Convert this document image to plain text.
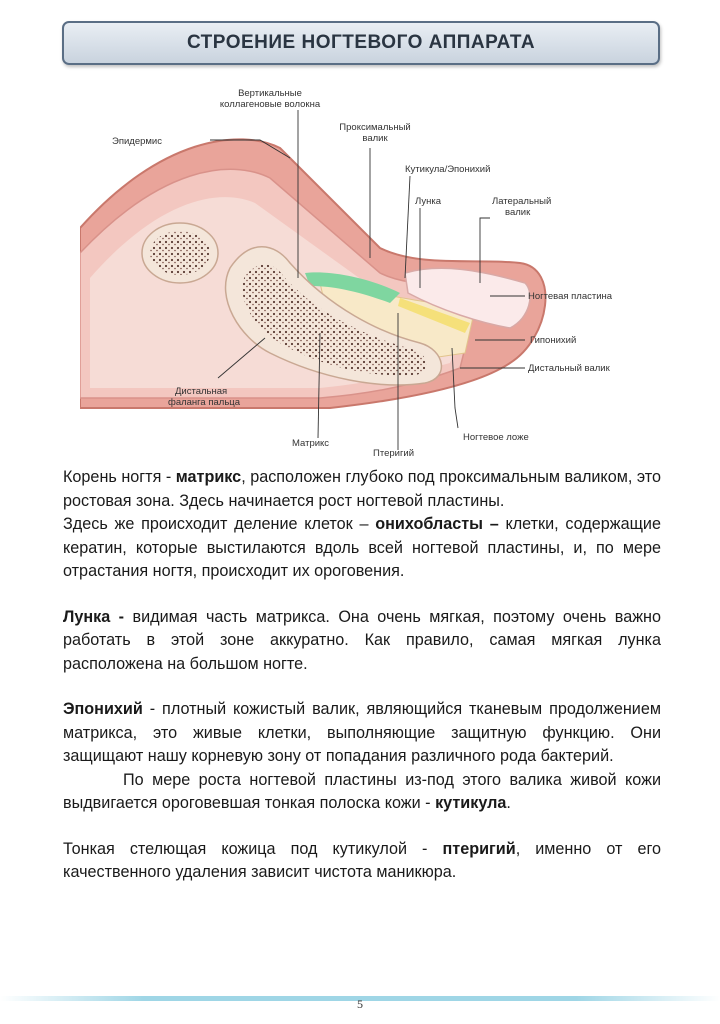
СТРОЕНИЕ НОГТЕВОГО АППАРАТА
Вертикальные
коллагеновые волокна
Эпидермис
Проксимальный
валик
Кутикула/Эпонихий
Лунка	Латеральный
валик
Ногтевая пластина
Гипонихий
Дистальный валик
Дистальная
фаланга пальца
Матрикс
Птеригий
Ногтевое ложе

Корень ногтя - матрикс, расположен глубоко под проксимальным валиком, это ростовая зона. Здесь начинается рост ногтевой пластины.

Здесь же происходит деление клеток – онихобласты – клетки, содержащие кератин, которые выстилаются вдоль всей ногтевой пластины, и, по мере отрастания ногтя, происходит их ороговения.

Лунка - видимая часть матрикса. Она очень мягкая, поэтому очень важно работать в этой зоне аккуратно. Как правило, самая мягкая лунка расположена на большом ногте.

Эпонихий - плотный кожистый валик, являющийся тканевым продолжением матрикса, это живые клетки, выполняющие защитную функцию. Они защищают нашу корневую зону от попадания различного рода бактерий.

По мере роста ногтевой пластины из-под этого валика живой кожи выдвигается ороговевшая тонкая полоска кожи - кутикула.

Тонкая стелющая кожица под кутикулой - птеригий, именно от его качественного удаления зависит чистота маникюра.

5
